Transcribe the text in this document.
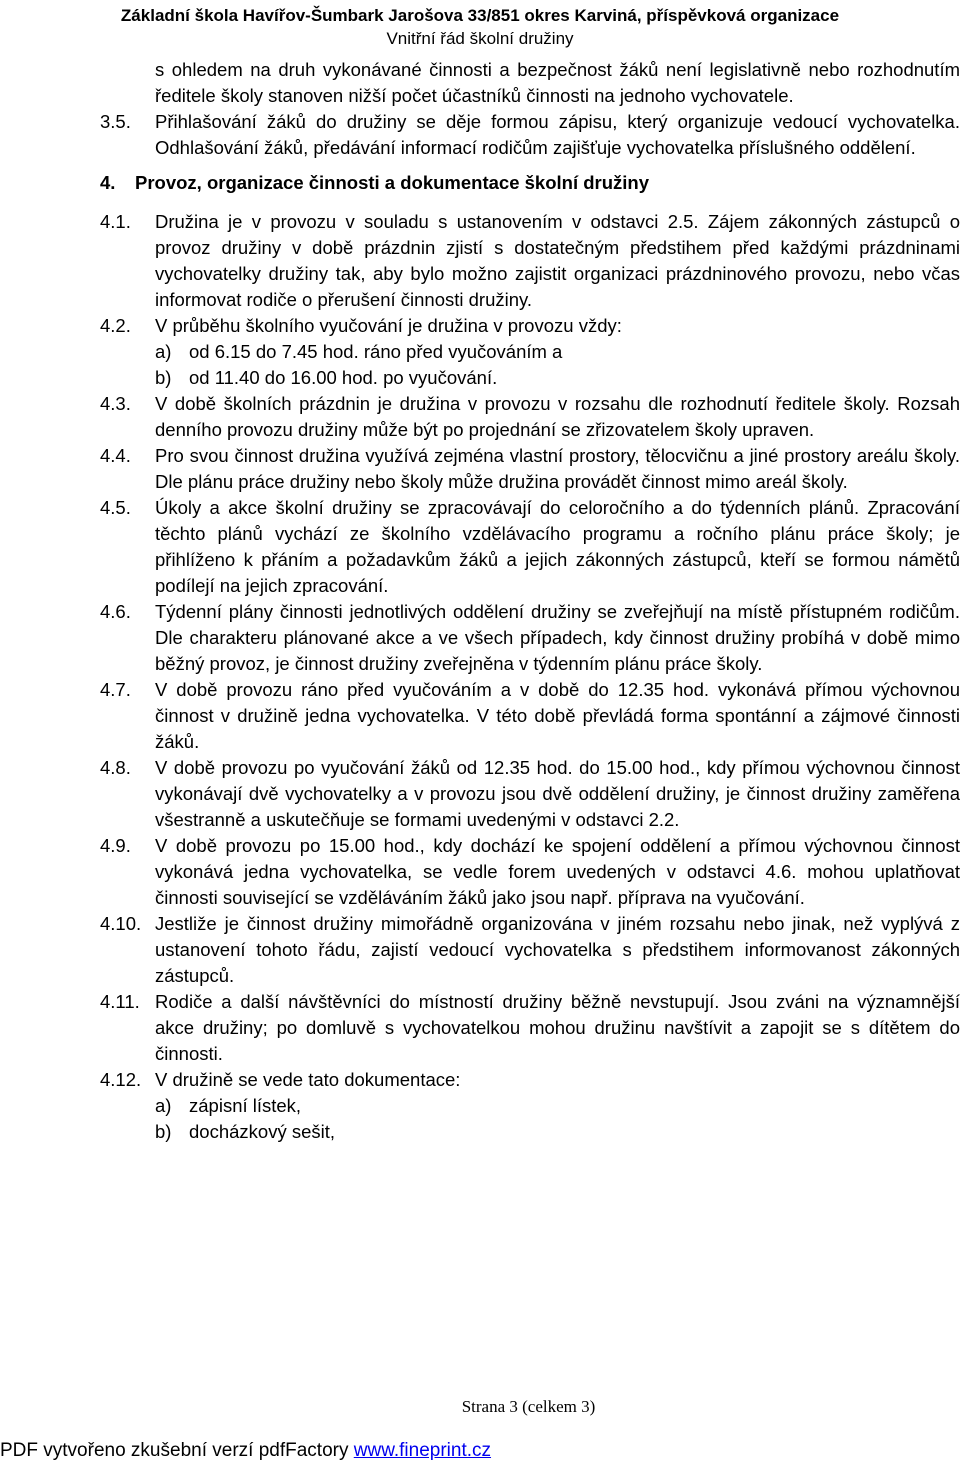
Základní škola Havířov-Šumbark Jarošova 33/851 okres Karviná, příspěvková organizace
Vnitřní řád školní družiny
s ohledem na druh vykonávané činnosti a bezpečnost žáků není legislativně nebo rozhodnutím ředitele školy stanoven nižší počet účastníků činnosti na jednoho vychovatele.
3.5.	Přihlašování žáků do družiny se děje formou zápisu, který organizuje vedoucí vychovatelka. Odhlašování žáků, předávání informací rodičům zajišťuje vychovatelka příslušného oddělení.
4.	Provoz, organizace činnosti a dokumentace školní družiny
4.1.	Družina je v provozu v souladu s ustanovením v odstavci 2.5. Zájem zákonných zástupců o provoz družiny v době prázdnin zjistí s dostatečným předstihem před každými prázdninami vychovatelky družiny tak, aby bylo možno zajistit organizaci prázdninového provozu, nebo včas informovat rodiče o přerušení činnosti družiny.
4.2.	V průběhu školního vyučování je družina v provozu vždy:
a) od 6.15 do 7.45 hod. ráno před vyučováním a
b) od 11.40 do 16.00 hod. po vyučování.
4.3.	V době školních prázdnin je družina v provozu v rozsahu dle rozhodnutí ředitele školy. Rozsah denního provozu družiny může být po projednání se zřizovatelem školy upraven.
4.4.	Pro svou činnost družina využívá zejména vlastní prostory, tělocvičnu a jiné prostory areálu školy. Dle plánu práce družiny nebo školy může družina provádět činnost mimo areál školy.
4.5.	Úkoly a akce školní družiny se zpracovávají do celoročního a do týdenních plánů. Zpracování těchto plánů vychází ze školního vzdělávacího programu a ročního plánu práce školy; je přihlíženo k přáním a požadavkům žáků a jejich zákonných zástupců, kteří se formou námětů podílejí na jejich zpracování.
4.6.	Týdenní plány činnosti jednotlivých oddělení družiny se zveřejňují na místě přístupném rodičům. Dle charakteru plánované akce a ve všech případech, kdy činnost družiny probíhá v době mimo běžný provoz, je činnost družiny zveřejněna v týdenním plánu práce školy.
4.7.	V době provozu ráno před vyučováním a v době do 12.35 hod. vykonává přímou výchovnou činnost v družině jedna vychovatelka. V této době převládá forma spontánní a zájmové činnosti žáků.
4.8.	V době provozu po vyučování žáků od 12.35 hod. do 15.00 hod., kdy přímou výchovnou činnost vykonávají dvě vychovatelky a v provozu jsou dvě oddělení družiny, je činnost družiny zaměřena všestranně a uskutečňuje se formami uvedenými v odstavci 2.2.
4.9.	V době provozu po 15.00 hod., kdy dochází ke spojení oddělení a přímou výchovnou činnost vykonává jedna vychovatelka, se vedle forem uvedených v odstavci 4.6. mohou uplatňovat činnosti související se vzděláváním žáků jako jsou např. příprava na vyučování.
4.10. Jestliže je činnost družiny mimořádně organizována v jiném rozsahu nebo jinak, než vyplývá z ustanovení tohoto řádu, zajistí vedoucí vychovatelka s předstihem informovanost zákonných zástupců.
4.11. Rodiče a další návštěvníci do místností družiny běžně nevstupují. Jsou zváni na významnější akce družiny; po domluvě s vychovatelkou mohou družinu navštívit a zapojit se s dítětem do činnosti.
4.12. V družině se vede tato dokumentace:
a) zápisní lístek,
b) docházkový sešit,
Strana 3 (celkem 3)
PDF vytvořeno zkušební verzí pdfFactory www.fineprint.cz
